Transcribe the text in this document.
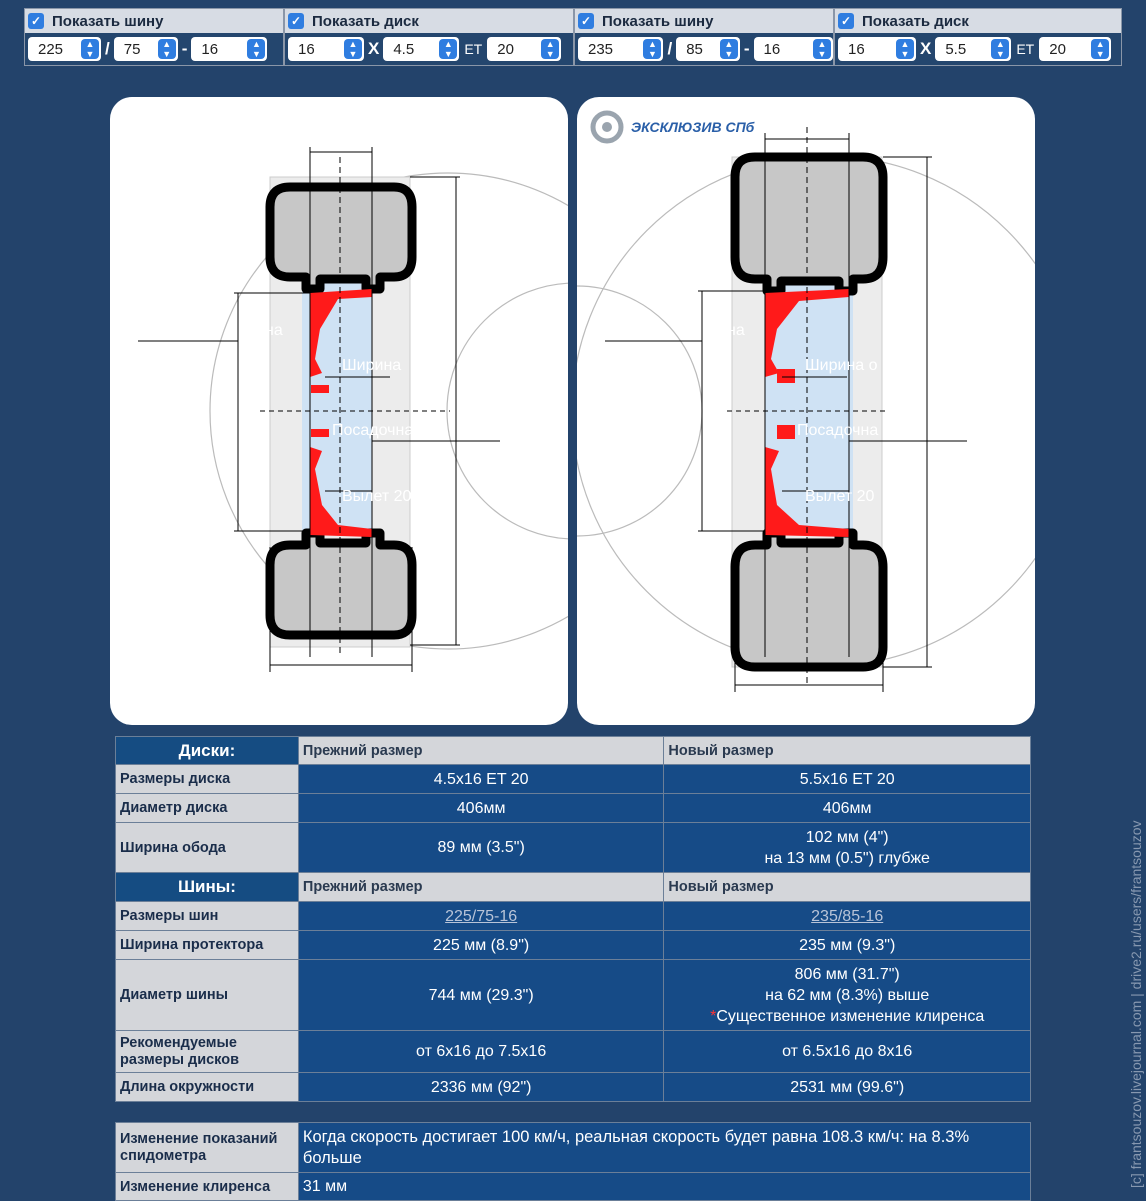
✓ Показать шину
225	▲
▼ / 75	▲
▼ - 16	▲
▼
✓ Показать диск
16	▲
▼ X 4.5	▲
▼ ET 20	▲
▼
✓ Показать шину
235	▲
▼ / 85	▲
▼ - 16	▲
▼
✓ Показать диск
16	▲
▼ X 5.5	▲
▼ ET 20	▲
▼
на
Ширина
Посадочна
Вылет 20
ЭКСКЛЮЗИВ СПб
на
Ширина о
Посадочна
Вылет 20
Диски:	Прежний размер	Новый размер
Размеры диска	4.5x16 ET 20	5.5x16 ET 20
Диаметр диска	406мм	406мм
Ширина обода	89 мм (3.5")	102 мм (4")
на 13 мм (0.5") глубже

Шины:	Прежний размер	Новый размер
Размеры шин	225/75-16	235/85-16
Ширина протектора	225 мм (8.9")	235 мм (9.3")
Диаметр шины	744 мм (29.3")	806 мм (31.7")
на 62 мм (8.3%) выше
*Существенное изменение клиренса

Рекомендуемые
размеры дисков	от 6x16 до 7.5x16	от 6.5x16 до 8x16
Длина окружности	2336 мм (92")	2531 мм (99.6")
Изменение показаний
спидометра	Когда скорость достигает 100 км/ч, реальная скорость будет равна 108.3 км/ч: на 8.3% больше
Изменение клиренса	31 мм	[c] frantsouzov.livejournal.com | drive2.ru/users/frantsouzov
